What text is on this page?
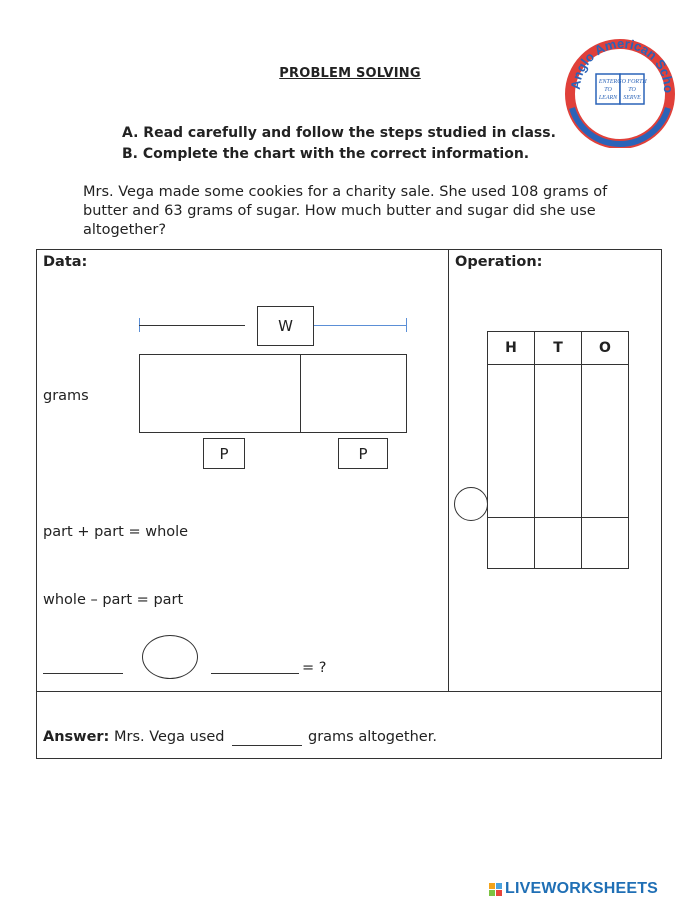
PROBLEM SOLVING
Anglo American Scho
ENTER
TO
LEARN
GO FORTH
TO
SERVE
A. Read carefully and follow the steps studied in class.
B. Complete the chart with the correct information.
Mrs. Vega made some cookies for a charity sale. She used 108 grams of butter and 63 grams of sugar. How much butter and sugar did she use altogether?
Data:
W
grams
P	P
part + part = whole
whole – part = part
= ?
Operation:
H	T	O

Answer: Mrs. Vega used	grams altogether.
LIVEWORKSHEETS
